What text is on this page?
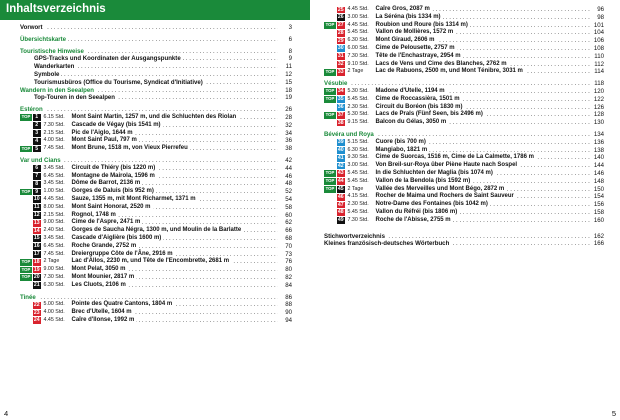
Inhaltsverzeichnis
. . .
Vorwort	3
. . .
Übersichtskarte	6
. . .
Touristische Hinweise	8
. . .
GPS-Tracks und Koordinaten der Ausgangspunkte	9
. . .
Wanderkarten	11
. . .
Symbole	12
. . .
Tourismusbüros (Office du Tourisme, Syndicat d'Initiative)	15
. . .
Wandern in den Seealpen	18
. . .
Top-Touren in den Seealpen	19
. . .
Estéron	26
. . .
TOP 1	6.15 Std.	Mont Saint Martin, 1257 m, und die Schluchten des Riolan	28
. . .
2	7.30 Std.	Cascade de Végay (bis 1541 m)	32
. . .
3	2.15 Std.	Pic de l'Aiglo, 1644 m	34
. . .
4	4.00 Std.	Mont Saint Paul, 797 m	36
. . .
TOP 5	7.45 Std.	Mont Brune, 1518 m, von Vieux Pierrefeu	38
. . .
Var und Cians	42
. . .
6	3.45 Std.	Circuit de Thiéry (bis 1220 m)	44
. . .
7	6.45 Std.	Montagne de Mairola, 1596 m	46
. . .
8	3.45 Std.	Dôme de Barrot, 2136 m	48
. . .
TOP 9	1.00 Std.	Gorges de Daluis (bis 952 m)	52
. . .
10 4.45 Std.	Sauze, 1355 m, mit Mont Richarmet, 1371 m	54
. . .
11 8.00 Std.	Mont Saint Honorat, 2520 m	58
. . .
12 2.15 Std.	Rognol, 1748 m	60
. . .
13 9.00 Std.	Cime de l'Aspre, 2471 m	62
. . .
14 2.40 Std.	Gorges de Saucha Négra, 1300 m, und Moulin de la Barlatte	66
. . .
15 3.45 Std.	Cascade d'Aiglière (bis 1600 m)	68
. . .
16 6.45 Std.	Roche Grande, 2752 m	70
. . .
17 7.45 Std.	Dreiergruppe Côte de l'Âne, 2916 m	73
. . .
TOP 18 2 Tage	Lac d'Allos, 2230 m, und Tête de l'Encombrette, 2681 m	76
. . .
TOP 19 9.00 Std.	Mont Pelat, 3050 m	80
. . .
TOP 20 7.30 Std.	Mont Mounier, 2817 m	82
. . .
21 6.30 Std.	Les Cluots, 2106 m	84
. . .
Tinée	86
. . .
22 5.00 Std.	Pointe des Quatre Cantons, 1804 m	88
. . .
23 4.00 Std.	Brec d'Utelle, 1604 m	90
. . .
24 4.45 Std.	Caïre d'Ilonse, 1992 m	94
4
. . .
25 4.45 Std.	Caïre Gros, 2087 m	96
. . .
26 3.00 Std.	La Séréna (bis 1334 m)	98
. . .
TOP 27 4.45 Std.	Roubion und Roure (bis 1314 m)	101
. . .
28 5.45 Std.	Vallon de Mollières, 1572 m	104
. . .
29 6.30 Std.	Mont Giraud, 2606 m	106
. . .
30 6.00 Std.	Cime de Pelousette, 2757 m	108
. . .
31 7.30 Std.	Tête de l'Enchastraye, 2954 m	110
. . .
32 9.10 Std.	Lacs de Vens und Cime des Blanches, 2762 m	112
. . .
TOP 33 2 Tage	Lac de Rabuons, 2500 m, und Mont Ténibre, 3031 m	114
. . .
Vésubie	118
. . .
TOP 34 5.30 Std.	Madone d'Utelle, 1194 m	120
. . .
TOP 35 5.45 Std.	Cime de Roccassièra, 1501 m	122
. . .
36 2.30 Std.	Circuit du Boréon (bis 1830 m)	126
. . .
TOP 37 5.30 Std.	Lacs de Prals (Fünf Seen, bis 2496 m)	128
. . .
38 9.15 Std.	Balcon du Gélas, 3050 m	130
. . .
Bévéra und Roya	134
. . .
39 5.15 Std.	Cuore (bis 700 m)	136
. . .
40 6.30 Std.	Mangiabo, 1821 m	138
. . .
41 9.30 Std.	Cime de Suorcas, 1516 m, Cime de La Calmette, 1786 m	140
. . .
42 3.00 Std.	Von Breil-sur-Roya über Piène Haute nach Sospel	144
. . .
TOP 43 5.45 Std.	In die Schluchten der Maglia (bis 1074 m)	146
. . .
TOP 44 5.45 Std.	Vallon de la Bendola (bis 1592 m)	148
. . .
TOP 45 2 Tage	Vallée des Merveilles und Mont Bégo, 2872 m	150
. . .
46 4.15 Std.	Rocher de Maima und Rochers de Saint Sauveur	154
. . .
47 2.30 Std.	Notre-Dame des Fontaines (bis 1042 m)	156
. . .
48 5.45 Std.	Vallon du Réfréi (bis 1806 m)	158
. . .
49 7.30 Std.	Roche de l'Abisse, 2755 m	160
. . .
Stichwortverzeichnis	162
. . .
Kleines französisch-deutsches Wörterbuch	166
5
